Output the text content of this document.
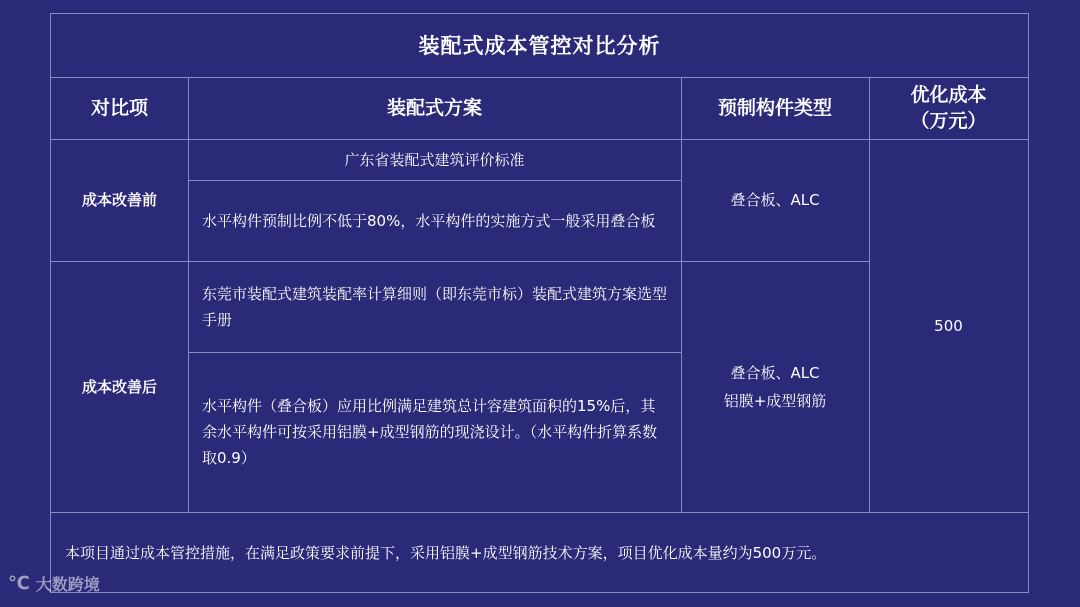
装配式成本管控对比分析
对比项	装配式方案	预制构件类型
优化成本
（万元）
成本改善前
广东省装配式建筑评价标准
水平构件预制比例不低于80%，水平构件的实施方式一般采用叠合板
叠合板、ALC
成本改善后
东莞市装配式建筑装配率计算细则（即东莞市标）装配式建筑方案选型手册
水平构件（叠合板）应用比例满足建筑总计容建筑面积的15%后，其余水平构件可按采用铝膜+成型钢筋的现浇设计。（水平构件折算系数取0.9）
叠合板、ALC
铝膜+成型钢筋
500
本项目通过成本管控措施，在满足政策要求前提下，采用铝膜+成型钢筋技术方案，项目优化成本量约为500万元。
℃ 大数跨境
